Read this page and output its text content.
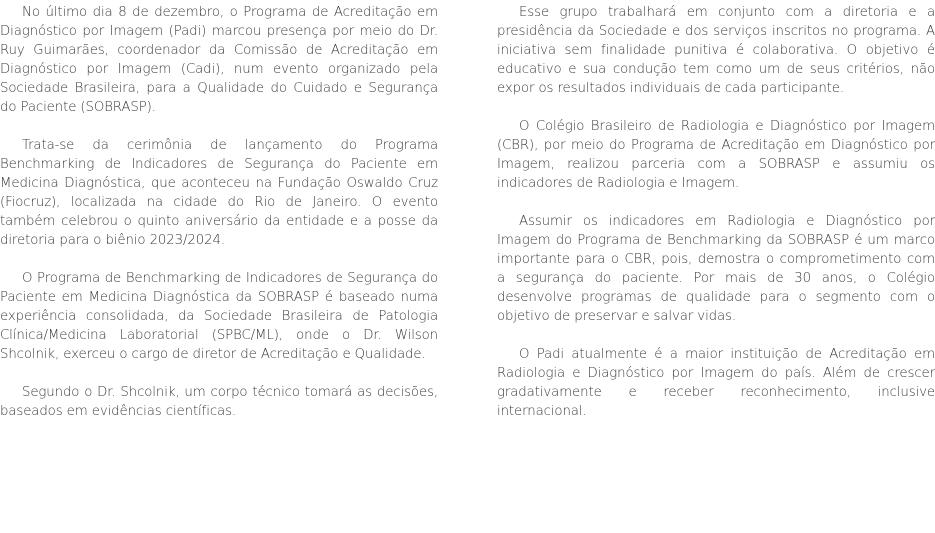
No último dia 8 de dezembro, o Programa de Acreditação em Diagnóstico por Imagem (Padi) marcou presença por meio do Dr. Ruy Guimarães, coordenador da Comissão de Acreditação em Diagnóstico por Imagem (Cadi), num evento organizado pela Sociedade Brasileira, para a Qualidade do Cuidado e Segurança do Paciente (SOBRASP).

Trata-se da cerimônia de lançamento do Programa Benchmarking de Indicadores de Segurança do Paciente em Medicina Diagnóstica, que aconteceu na Fundação Oswaldo Cruz (Fiocruz), localizada na cidade do Rio de Janeiro. O evento também celebrou o quinto aniversário da entidade e a posse da diretoria para o biênio 2023/2024.

O Programa de Benchmarking de Indicadores de Segurança do Paciente em Medicina Diagnóstica da SOBRASP é baseado numa experiência consolidada, da Sociedade Brasileira de Patologia Clínica/Medicina Laboratorial (SPBC/ML), onde o Dr. Wilson Shcolnik, exerceu o cargo de diretor de Acreditação e Qualidade.

Segundo o Dr. Shcolnik, um corpo técnico tomará as decisões, baseados em evidências científicas.

Esse grupo trabalhará em conjunto com a diretoria e a presidência da Sociedade e dos serviços inscritos no programa. A iniciativa sem finalidade punitiva é colaborativa. O objetivo é educativo e sua condução tem como um de seus critérios, não expor os resultados individuais de cada participante.

O Colégio Brasileiro de Radiologia e Diagnóstico por Imagem (CBR), por meio do Programa de Acreditação em Diagnóstico por Imagem, realizou parceria com a SOBRASP e assumiu os indicadores de Radiologia e Imagem.

Assumir os indicadores em Radiologia e Diagnóstico por Imagem do Programa de Benchmarking da SOBRASP é um marco importante para o CBR, pois, demostra o comprometimento com a segurança do paciente. Por mais de 30 anos, o Colégio desenvolve programas de qualidade para o segmento com o objetivo de preservar e salvar vidas.

O Padi atualmente é a maior instituição de Acreditação em Radiologia e Diagnóstico por Imagem do país. Além de crescer gradativamente e receber reconhecimento, inclusive internacional.
